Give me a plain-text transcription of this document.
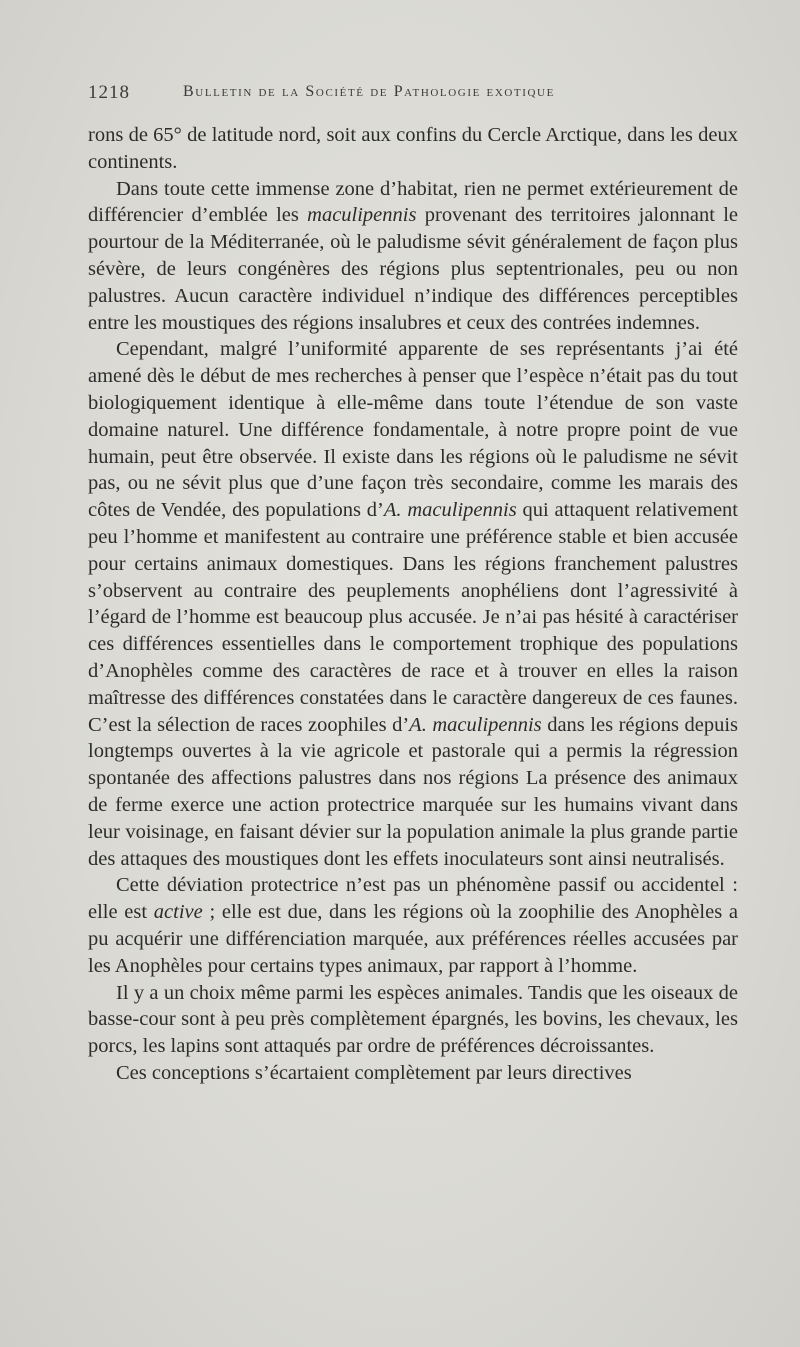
1218	Bulletin de la Société de Pathologie exotique

rons de 65° de latitude nord, soit aux confins du Cercle Arctique, dans les deux continents.

Dans toute cette immense zone d’habitat, rien ne permet extérieurement de différencier d’emblée les maculipennis provenant des territoires jalonnant le pourtour de la Méditerranée, où le paludisme sévit généralement de façon plus sévère, de leurs congénères des régions plus septentrionales, peu ou non palustres. Aucun caractère individuel n’indique des différences perceptibles entre les moustiques des régions insalubres et ceux des contrées indemnes.

Cependant, malgré l’uniformité apparente de ses représentants j’ai été amené dès le début de mes recherches à penser que l’espèce n’était pas du tout biologiquement identique à elle-même dans toute l’étendue de son vaste domaine naturel. Une différence fondamentale, à notre propre point de vue humain, peut être observée. Il existe dans les régions où le paludisme ne sévit pas, ou ne sévit plus que d’une façon très secondaire, comme les marais des côtes de Vendée, des populations d’A. maculipennis qui attaquent relativement peu l’homme et manifestent au contraire une préférence stable et bien accusée pour certains animaux domestiques. Dans les régions franchement palustres s’observent au contraire des peuplements anophéliens dont l’agressivité à l’égard de l’homme est beaucoup plus accusée. Je n’ai pas hésité à caractériser ces différences essentielles dans le comportement trophique des populations d’Anophèles comme des caractères de race et à trouver en elles la raison maîtresse des différences constatées dans le caractère dangereux de ces faunes. C’est la sélection de races zoophiles d’A. maculipennis dans les régions depuis longtemps ouvertes à la vie agricole et pastorale qui a permis la régression spontanée des affections palustres dans nos régions La présence des animaux de ferme exerce une action protectrice marquée sur les humains vivant dans leur voisinage, en faisant dévier sur la population animale la plus grande partie des attaques des moustiques dont les effets inoculateurs sont ainsi neutralisés.

Cette déviation protectrice n’est pas un phénomène passif ou accidentel : elle est active ; elle est due, dans les régions où la zoophilie des Anophèles a pu acquérir une différenciation marquée, aux préférences réelles accusées par les Anophèles pour certains types animaux, par rapport à l’homme.

Il y a un choix même parmi les espèces animales. Tandis que les oiseaux de basse-cour sont à peu près complètement épargnés, les bovins, les chevaux, les porcs, les lapins sont attaqués par ordre de préférences décroissantes.

Ces conceptions s’écartaient complètement par leurs directives
